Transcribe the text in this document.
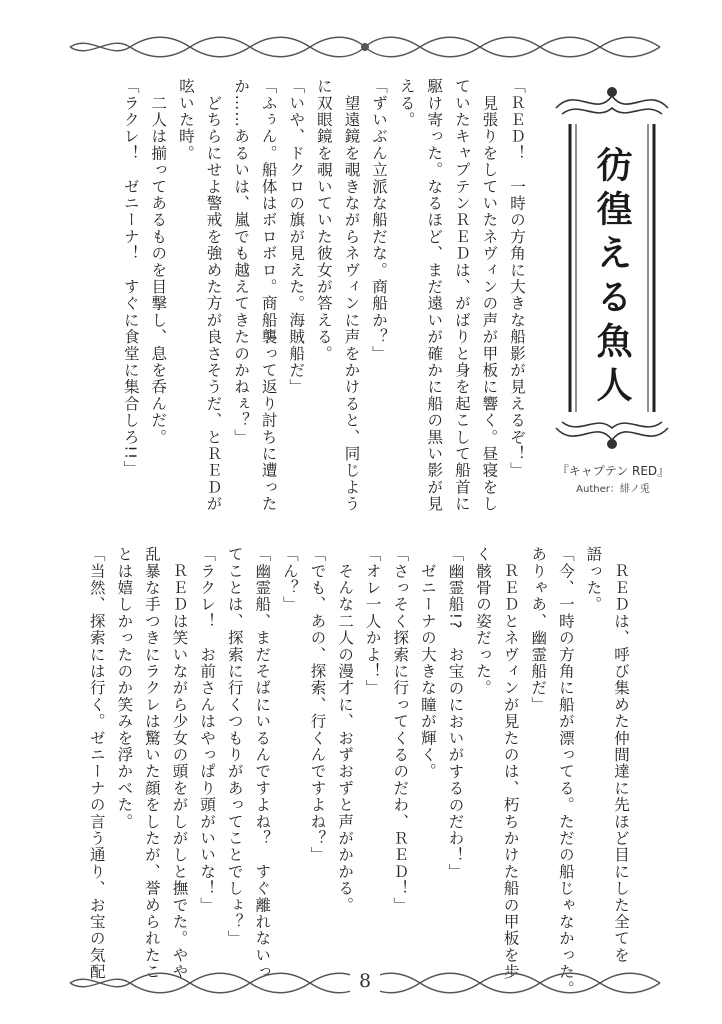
彷徨える魚人
『キャプテン RED』
Auther：緋ノ兎
「ＲＥＤ！　一時の方角に大きな船影が見えるぞ！」
　見張りをしていたネヴィンの声が甲板に響く。昼寝をし
ていたキャプテンＲＥＤは、がばりと身を起こして船首に
駆け寄った。なるほど、まだ遠いが確かに船の黒い影が見
える。
「ずいぶん立派な船だな。商船か？」
　望遠鏡を覗きながらネヴィンに声をかけると、同じよう
に双眼鏡を覗いていた彼女が答える。
「いや、ドクロの旗が見えた。海賊船だ」
「ふぅん。船体はボロボロ。商船襲って返り討ちに遭った
か……あるいは、嵐でも越えてきたのかねぇ？」
　どちらにせよ警戒を強めた方が良さそうだ、とＲＥＤが
呟いた時。
　二人は揃ってあるものを目撃し、息を呑んだ。
「ラクレ！　ゼニーナ！　すぐに食堂に集合しろ!!」
　ＲＥＤは、呼び集めた仲間達に先ほど目にした全てを
語った。
「今、一時の方角に船が漂ってる。ただの船じゃなかった。
ありゃあ、幽霊船だ」
　ＲＥＤとネヴィンが見たのは、朽ちかけた船の甲板を歩
く骸骨の姿だった。
「幽霊船!?　お宝のにおいがするのだわ！」
　ゼニーナの大きな瞳が輝く。
「さっそく探索に行ってくるのだわ、ＲＥＤ！」
「オレ一人かよ！」
　そんな二人の漫才に、おずおずと声がかかる。
「でも、あの、探索、行くんですよね？」
「ん？」
「幽霊船、まだそばにいるんですよね？　すぐ離れないっ
てことは、探索に行くつもりがあってことでしょ？」
「ラクレ！　お前さんはやっぱり頭がいいな！」
　ＲＥＤは笑いながら少女の頭をがしがしと撫でた。やや
乱暴な手つきにラクレは驚いた顔をしたが、誉められたこ
とは嬉しかったのか笑みを浮かべた。
「当然、探索には行く。ゼニーナの言う通り、お宝の気配
8
